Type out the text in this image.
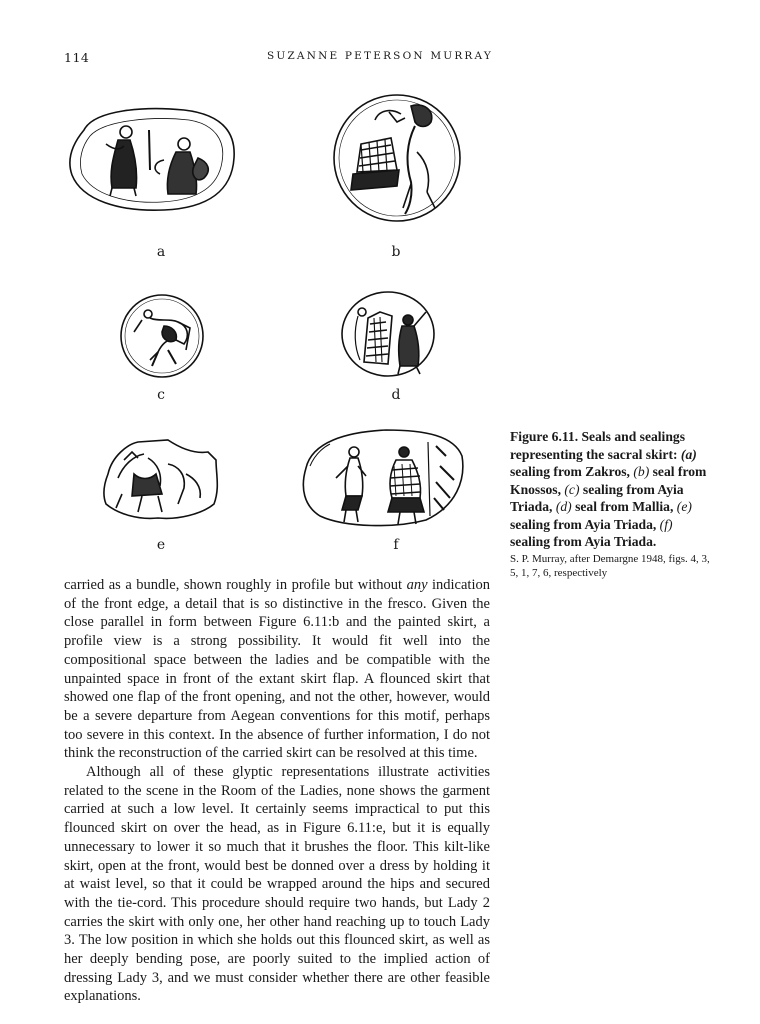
114	SUZANNE PETERSON MURRAY
a	b
c	d
e	f
Figure 6.11. Seals and sealings representing the sacral skirt: (a) sealing from Zakros, (b) seal from Knossos, (c) sealing from Ayia Triada, (d) seal from Mallia, (e) sealing from Ayia Triada, (f) sealing from Ayia Triada.
S. P. Murray, after Demargne 1948, figs. 4, 3, 5, 1, 7, 6, respectively

carried as a bundle, shown roughly in profile but without any indication of the front edge, a detail that is so distinctive in the fresco. Given the close parallel in form between Figure 6.11:b and the painted skirt, a profile view is a strong possibility. It would fit well into the compositional space between the ladies and be compatible with the unpainted space in front of the extant skirt flap. A flounced skirt that showed one flap of the front opening, and not the other, however, would be a severe departure from Aegean conventions for this motif, perhaps too severe in this context. In the absence of further information, I do not think the reconstruction of the carried skirt can be resolved at this time.

Although all of these glyptic representations illustrate activities related to the scene in the Room of the Ladies, none shows the garment carried at such a low level. It certainly seems impractical to put this flounced skirt on over the head, as in Figure 6.11:e, but it is equally unnecessary to lower it so much that it brushes the floor. This kilt-like skirt, open at the front, would best be donned over a dress by holding it at waist level, so that it could be wrapped around the hips and secured with the tie-cord. This procedure should require two hands, but Lady 2 carries the skirt with only one, her other hand reaching up to touch Lady 3. The low position in which she holds out this flounced skirt, as well as her deeply bending pose, are poorly suited to the implied action of dressing Lady 3, and we must consider whether there are other feasible explanations.
